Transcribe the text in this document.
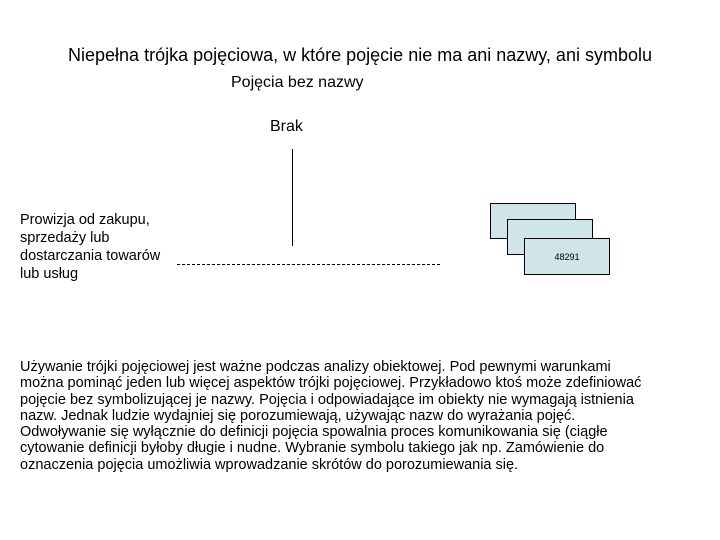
Niepełna trójka pojęciowa, w które pojęcie nie ma ani nazwy, ani symbolu
Pojęcia bez nazwy
Brak
Prowizja od zakupu,
sprzedaży lub
dostarczania towarów
lub usług
48291
Używanie trójki pojęciowej jest ważne podczas analizy obiektowej. Pod pewnymi warunkami
można pominąć jeden lub więcej aspektów trójki pojęciowej. Przykładowo ktoś może zdefiniować
pojęcie bez symbolizującej je nazwy. Pojęcia i odpowiadające im obiekty nie wymagają istnienia
nazw. Jednak ludzie wydajniej się porozumiewają, używając nazw do wyrażania pojęć.
Odwoływanie się wyłącznie do definicji pojęcia spowalnia proces komunikowania się (ciągłe
cytowanie definicji byłoby długie i nudne. Wybranie symbolu takiego jak np. Zamówienie do
oznaczenia pojęcia umożliwia wprowadzanie skrótów do porozumiewania się.
